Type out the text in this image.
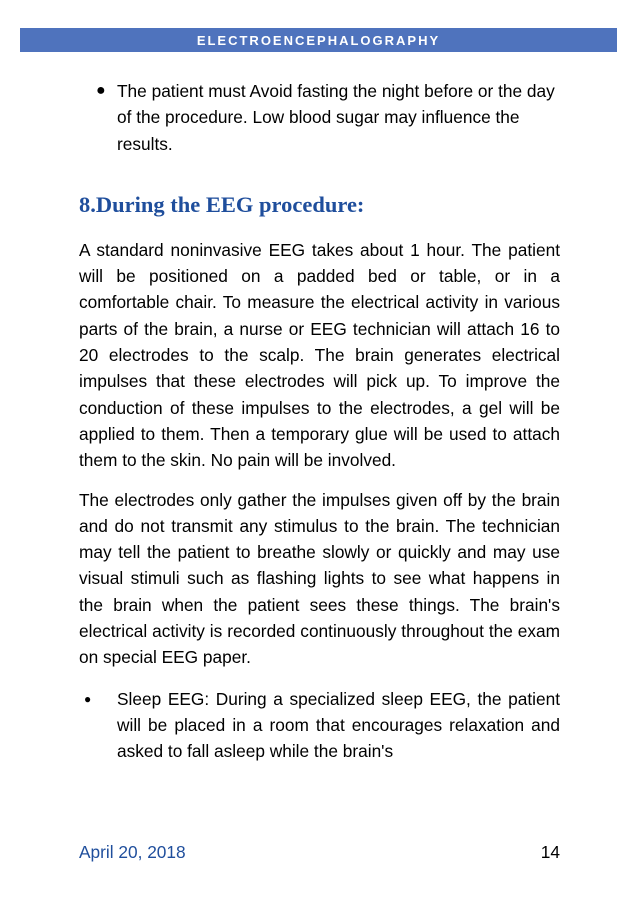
ELECTROENCEPHALOGRAPHY
● The patient must Avoid fasting the night before or the day of the procedure. Low blood sugar may influence the results.
8.During the EEG procedure:
A standard noninvasive EEG takes about 1 hour. The patient will be positioned on a padded bed or table, or in a comfortable chair. To measure the electrical activity in various parts of the brain, a nurse or EEG technician will attach 16 to 20 electrodes to the scalp. The brain generates electrical impulses that these electrodes will pick up. To improve the conduction of these impulses to the electrodes, a gel will be applied to them. Then a temporary glue will be used to attach them to the skin. No pain will be involved.
The electrodes only gather the impulses given off by the brain and do not transmit any stimulus to the brain. The technician may tell the patient to breathe slowly or quickly and may use visual stimuli such as flashing lights to see what happens in the brain when the patient sees these things. The brain's electrical activity is recorded continuously throughout the exam on special EEG paper.
● Sleep EEG: During a specialized sleep EEG, the patient will be placed in a room that encourages relaxation and asked to fall asleep while the brain's
April 20, 2018	14
